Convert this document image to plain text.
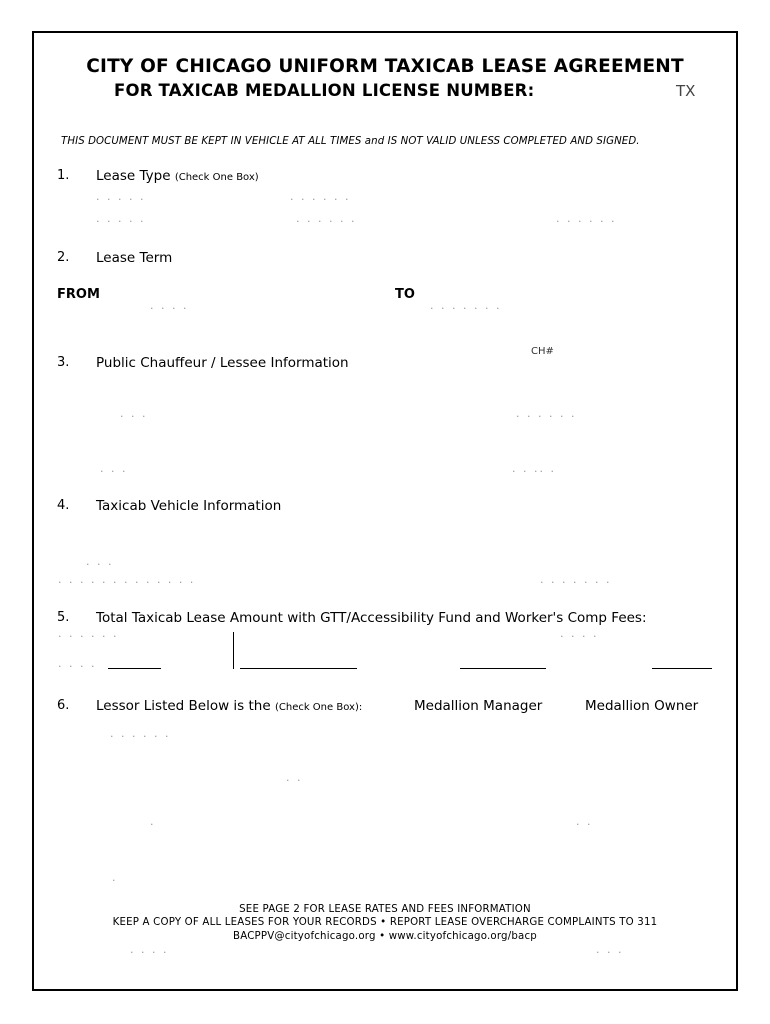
CITY OF CHICAGO UNIFORM TAXICAB LEASE AGREEMENT
FOR TAXICAB MEDALLION LICENSE NUMBER:	TX
THIS DOCUMENT MUST BE KEPT IN VEHICLE AT ALL TIMES and IS NOT VALID UNLESS COMPLETED AND SIGNED.
1. Lease Type (Check One Box)
· · · · ·	· · · · · ·
· · · · ·	· · · · · ·	· · · · · ·
2. Lease Term
FROM	TO
· · · ·	· · · · · · ·
CH#
3. Public Chauffeur / Lessee Information
· · ·	· · · · · ·
· · ·	· · ·· ·
4. Taxicab Vehicle Information
· · ·
· · · · · · · · · · · · ·	· · · · · · ·
5. Total Taxicab Lease Amount with GTT/Accessibility Fund and Worker's Comp Fees:
· · · · · ·	· · · ·
· · · ·
6. Lessor Listed Below is the (Check One Box):	Medallion Manager	Medallion Owner
· · · · · ·
· ·
·	· ·
·
SEE PAGE 2 FOR LEASE RATES AND FEES INFORMATION
KEEP A COPY OF ALL LEASES FOR YOUR RECORDS • REPORT LEASE OVERCHARGE COMPLAINTS TO 311
BACPPV@cityofchicago.org • www.cityofchicago.org/bacp
· · · ·	· · ·
